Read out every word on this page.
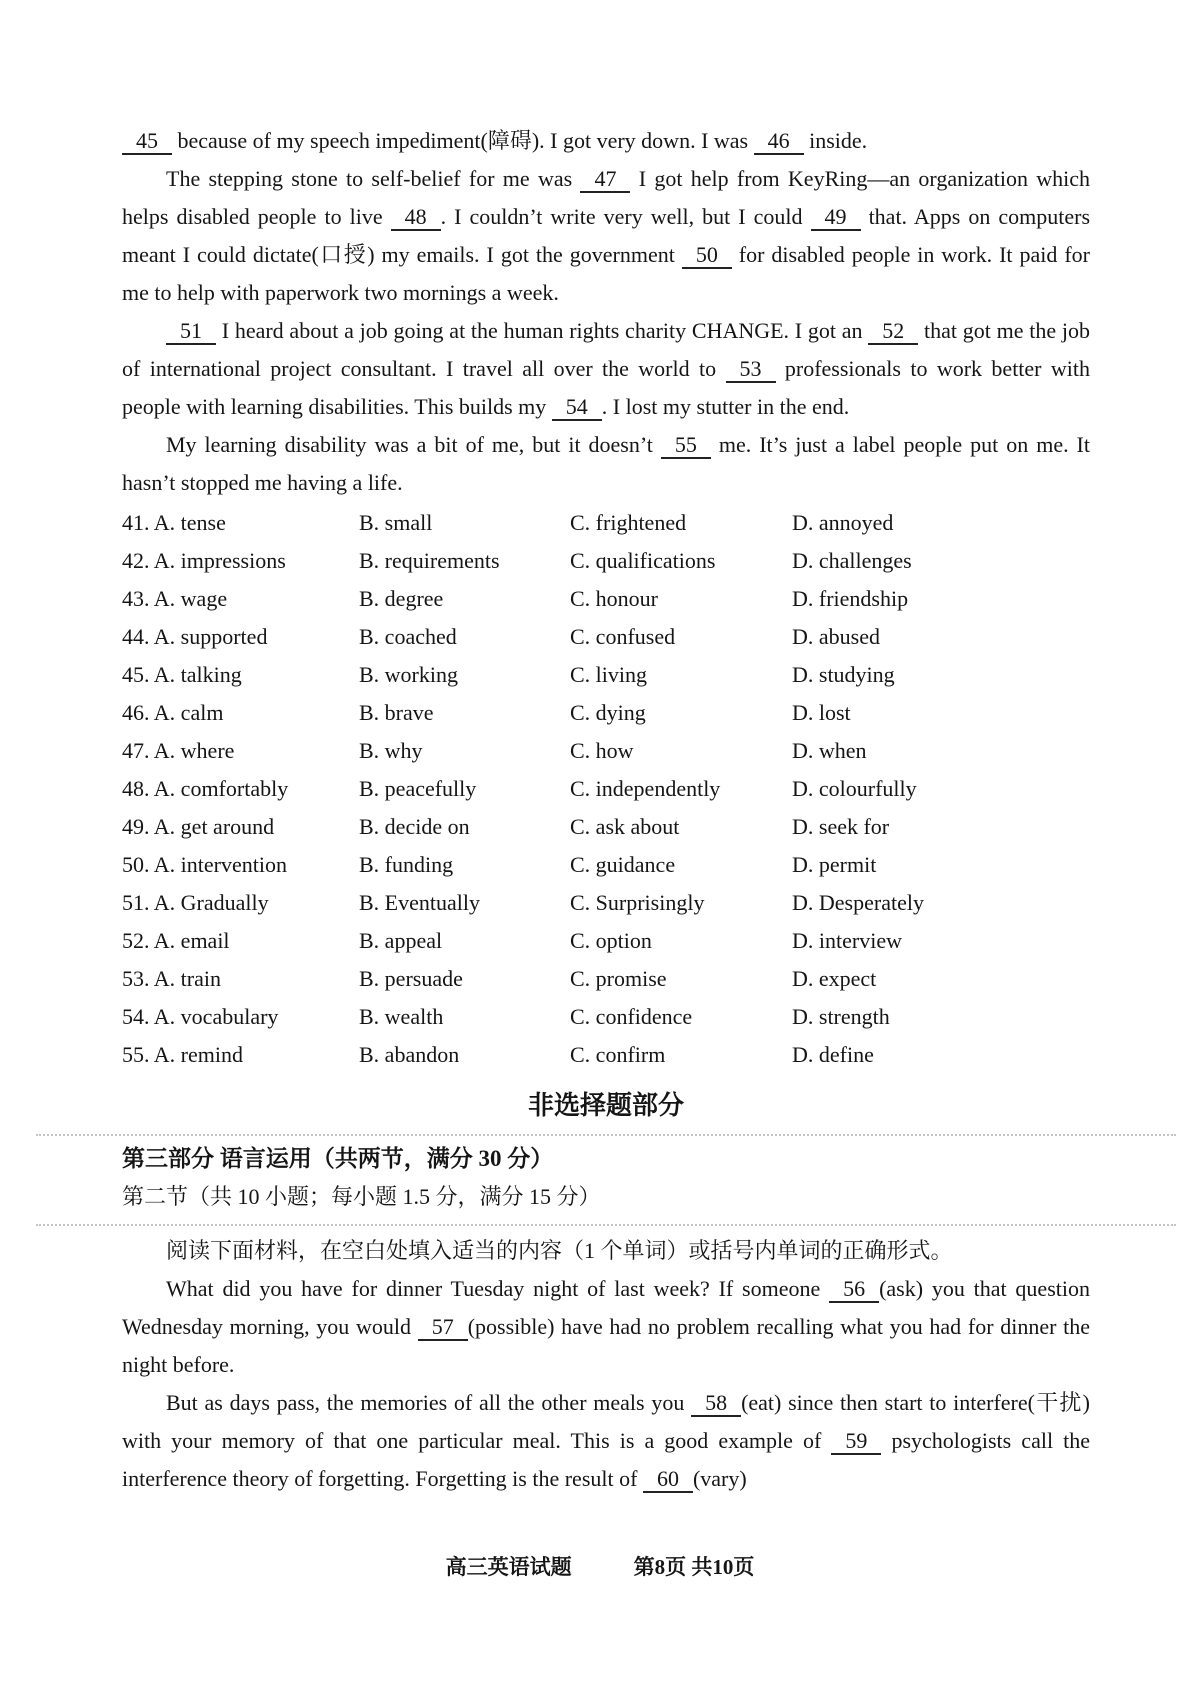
45 because of my speech impediment(障碍). I got very down. I was 46 inside.

The stepping stone to self-belief for me was 47 I got help from KeyRing—an organization which helps disabled people to live 48 . I couldn’t write very well, but I could 49 that. Apps on computers meant I could dictate(口授) my emails. I got the government 50 for disabled people in work. It paid for me to help with paperwork two mornings a week.

51 I heard about a job going at the human rights charity CHANGE. I got an 52 that got me the job of international project consultant. I travel all over the world to 53 professionals to work better with people with learning disabilities. This builds my 54 . I lost my stutter in the end.

My learning disability was a bit of me, but it doesn’t 55 me. It’s just a label people put on me. It hasn’t stopped me having a life.

41. A. tense	B. small	C. frightened	D. annoyed
42. A. impressions	B. requirements	C. qualifications	D. challenges
43. A. wage	B. degree	C. honour	D. friendship
44. A. supported	B. coached	C. confused	D. abused
45. A. talking	B. working	C. living	D. studying
46. A. calm	B. brave	C. dying	D. lost
47. A. where	B. why	C. how	D. when
48. A. comfortably	B. peacefully	C. independently	D. colourfully
49. A. get around	B. decide on	C. ask about	D. seek for
50. A. intervention	B. funding	C. guidance	D. permit
51. A. Gradually	B. Eventually	C. Surprisingly	D. Desperately
52. A. email	B. appeal	C. option	D. interview
53. A. train	B. persuade	C. promise	D. expect
54. A. vocabulary	B. wealth	C. confidence	D. strength
55. A. remind	B. abandon	C. confirm	D. define
非选择题部分

第三部分 语言运用（共两节，满分 30 分）

第二节（共 10 小题；每小题 1.5 分，满分 15 分）

阅读下面材料，在空白处填入适当的内容（1 个单词）或括号内单词的正确形式。

What did you have for dinner Tuesday night of last week? If someone 56 (ask) you that question Wednesday morning, you would 57 (possible) have had no problem recalling what you had for dinner the night before.

But as days pass, the memories of all the other meals you 58 (eat) since then start to interfere(干扰) with your memory of that one particular meal. This is a good example of 59 psychologists call the interference theory of forgetting. Forgetting is the result of 60 (vary)

高三英语试题	第8页 共10页
